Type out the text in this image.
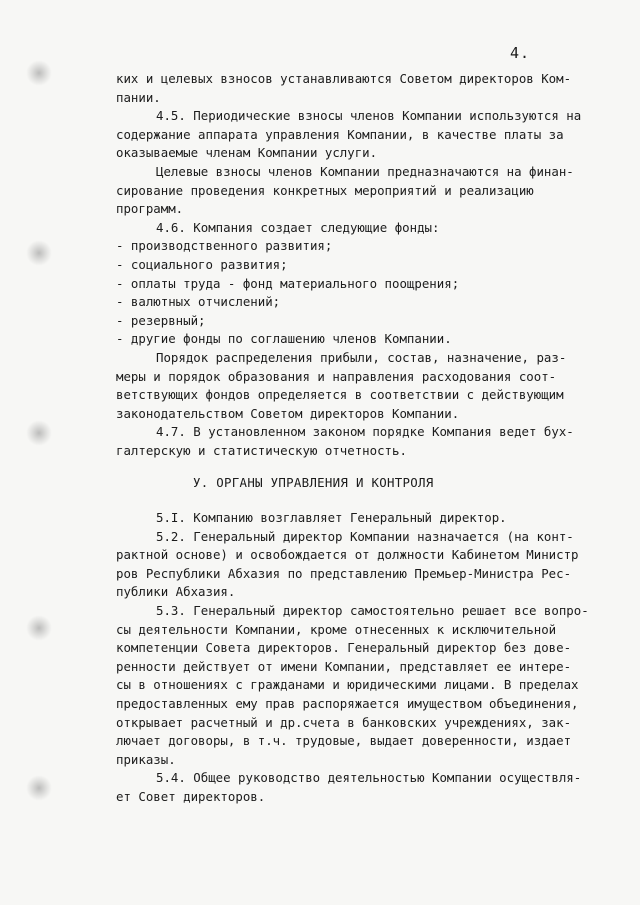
4.
ких и целевых взносов устанавливаются Советом директоров Ком-
пании.
4.5. Периодические взносы членов Компании используются на
содержание аппарата управления Компании, в качестве платы за
оказываемые членам Компании услуги.
Целевые взносы членов Компании предназначаются на финан-
сирование проведения конкретных мероприятий и реализацию
программ.
4.6. Компания создает следующие фонды:
- производственного развития;
- социального развития;
- оплаты труда - фонд материального поощрения;
- валютных отчислений;
- резервный;
- другие фонды по соглашению членов Компании.
Порядок распределения прибыли, состав, назначение, раз-
меры и порядок образования и направления расходования соот-
ветствующих фондов определяется в соответствии с действующим
законодательством Советом директоров Компании.
4.7. В установленном законом порядке Компания ведет бух-
галтерскую и статистическую отчетность.
У. ОРГАНЫ УПРАВЛЕНИЯ И КОНТРОЛЯ
5.I. Компанию возглавляет Генеральный директор.
5.2. Генеральный директор Компании назначается (на конт-
рактной основе) и освобождается от должности Кабинетом Министр
ров Республики Абхазия по представлению Премьер-Министра Рес-
публики Абхазия.
5.3. Генеральный директор самостоятельно решает все вопро-
сы деятельности Компании, кроме отнесенных к исключительной
компетенции Совета директоров. Генеральный директор без дове-
ренности действует от имени Компании, представляет ее интере-
сы в отношениях с гражданами и юридическими лицами. В пределах
предоставленных ему прав распоряжается имуществом объединения,
открывает расчетный и др.счета в банковских учреждениях, зак-
лючает договоры, в т.ч. трудовые, выдает доверенности, издает
приказы.
5.4. Общее руководство деятельностью Компании осуществля-
ет Совет директоров.
